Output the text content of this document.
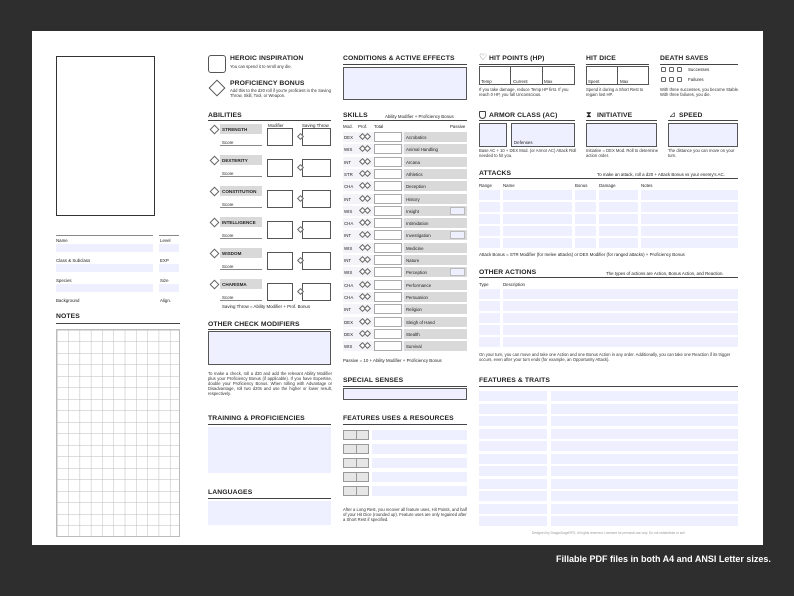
Name	Level
Class & Subclass	EXP
Species	Size
Background	Align.
NOTES
HEROIC INSPIRATION
You can spend it to reroll any die.
PROFICIENCY BONUS
Add this to the d20 roll if you're proficient in the Saving Throw, Skill, Tool, or Weapon.
ABILITIES
Modifier	Saving Throw
Saving Throw = Ability Modifier + Prof. Bonus
OTHER CHECK MODIFIERS
To make a check, roll a d20 and add the relevant Ability Modifier plus your Proficiency Bonus (if applicable). If you have Expertise, double your Proficiency Bonus. When rolling with Advantage or Disadvantage, roll two d20s and use the higher or lower result, respectively.
TRAINING & PROFICIENCIES
LANGUAGES
CONDITIONS & ACTIVE EFFECTS
SKILLS	Ability Modifier + Proficiency Bonus
Mod. Prof. Total	Passive
Passive = 10 + Ability Modifier + Proficiency Bonus
SPECIAL SENSES
FEATURES USES & RESOURCES
After a Long Rest, you recover all feature uses, Hit Points, and half of your Hit Dice (rounded up). Feature uses are only regained after a Short Rest if specified.
♡ HIT POINTS (HP)
Temp	Current	Max
If you take damage, reduce Temp HP first. If you reach 0 HP, you fall Unconscious.
HIT DICE
Spent	Max
Spend it during a Short Rest to regain lost HP.
DEATH SAVES
Successes
Failures
With three successes, you become Stable. With three failures, you die.
ARMOR CLASS (AC)
Defenses
Base AC + 10 + DEX Mod. (or Armor AC) Attack Roll needed to hit you.
⧗ INITIATIVE
Initiative = DEX Mod. Roll to determine action order.
⊿ SPEED
The distance you can move on your turn.
ATTACKS	To make an attack, roll a d20 + Attack Bonus vs your enemy's AC.
Range	Name	Bonus	Damage	Notes
Attack Bonus = STR Modifier (for melee attacks) or DEX Modifier (for ranged attacks) + Proficiency Bonus
OTHER ACTIONS	The types of actions are Action, Bonus Action, and Reaction.
Type	Description
On your turn, you can move and take one Action and one Bonus Action in any order. Additionally, you can take one Reaction if its trigger occurs, even after your turn ends (for example, an Opportunity Attack).
FEATURES & TRAITS
Designed by DragonSageRPG. All rights reserved. Licensed for personal use only. Do not redistribute or sell.
STRENGTH
Score
DEXTERITY
Score
CONSTITUTION
Score
INTELLIGENCE
Score
WISDOM
Score
CHARISMA
Score
DEX	Acrobatics
WIS	Animal Handling
INT	Arcana
STR	Athletics
CHA	Deception
INT	History
WIS	Insight
CHA	Intimidation
INT	Investigation
WIS	Medicine
INT	Nature
WIS	Perception
CHA	Performance
CHA	Persuasion
INT	Religion
DEX	Sleigh of Hand
DEX	Stealth
WIS	Survival
Fillable PDF files in both A4 and ANSI Letter sizes.
